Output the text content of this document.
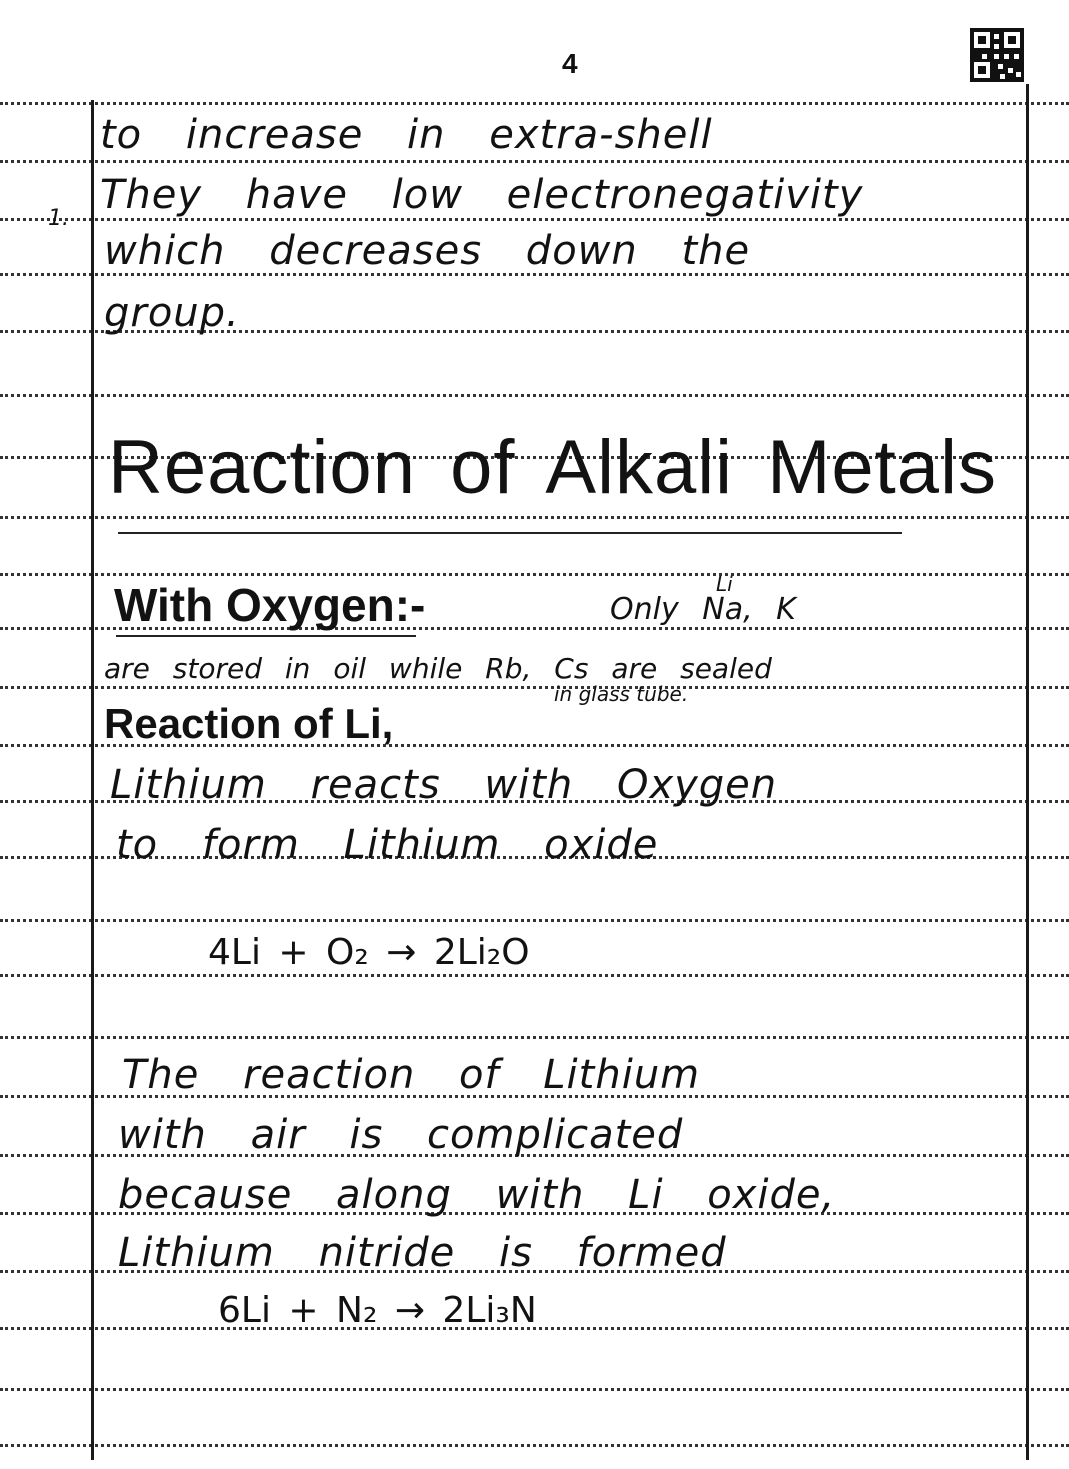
4
to increase in extra-shell
1.
They have low electronegativity
which decreases down the
group.
Reaction of Alkali Metals
With Oxygen:-	Only Na, K
Li
are stored in oil while Rb, Cs are sealed
in glass tube.
Reaction of Li,
Lithium reacts with Oxygen
to form Lithium oxide
4Li + O₂ → 2Li₂O
The reaction of Lithium
with air is complicated
because along with Li oxide,
Lithium nitride is formed
6Li + N₂ → 2Li₃N
